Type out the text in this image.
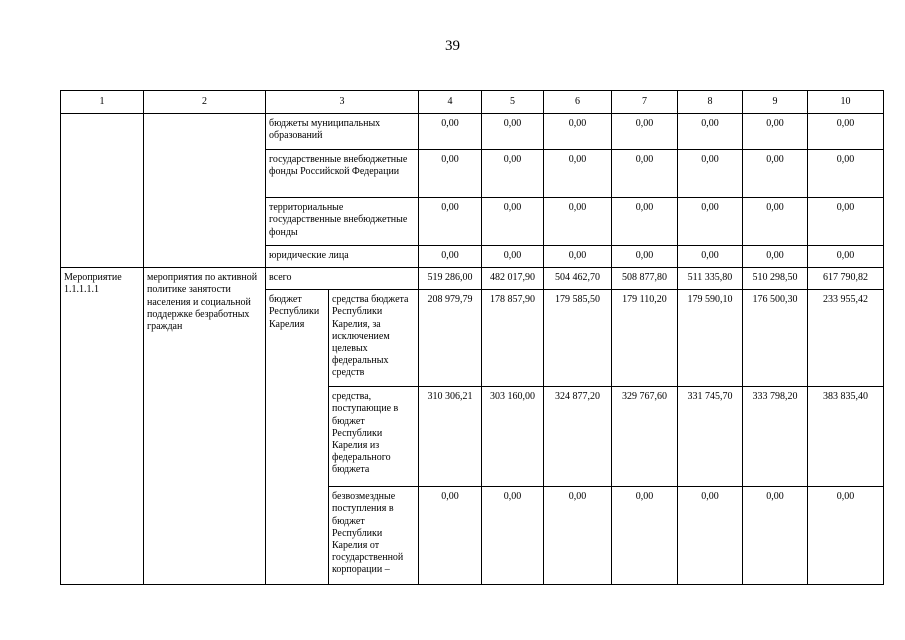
39
1	2	3		4	5	6	7	8	9	10
		бюджеты муниципальных образований		0,00	0,00	0,00	0,00	0,00	0,00	0,00
		государственные внебюджетные фонды Российской Федерации		0,00	0,00	0,00	0,00	0,00	0,00	0,00
		территориальные государственные внебюджетные фонды		0,00	0,00	0,00	0,00	0,00	0,00	0,00
		юридические лица		0,00	0,00	0,00	0,00	0,00	0,00	0,00
Мероприятие 1.1.1.1.1	мероприятия по активной политике занятости населения и социальной поддержке безработных граждан	всего		519 286,00	482 017,90	504 462,70	508 877,80	511 335,80	510 298,50	617 790,82
		бюджет Республики Карелия	средства бюджета Республики Карелия, за исключением целевых федеральных средств	208 979,79	178 857,90	179 585,50	179 110,20	179 590,10	176 500,30	233 955,42
			средства, поступающие в бюджет Республики Карелия из федерального бюджета	310 306,21	303 160,00	324 877,20	329 767,60	331 745,70	333 798,20	383 835,40
			безвозмездные поступления в бюджет Республики Карелия от государственной корпорации –	0,00	0,00	0,00	0,00	0,00	0,00	0,00
